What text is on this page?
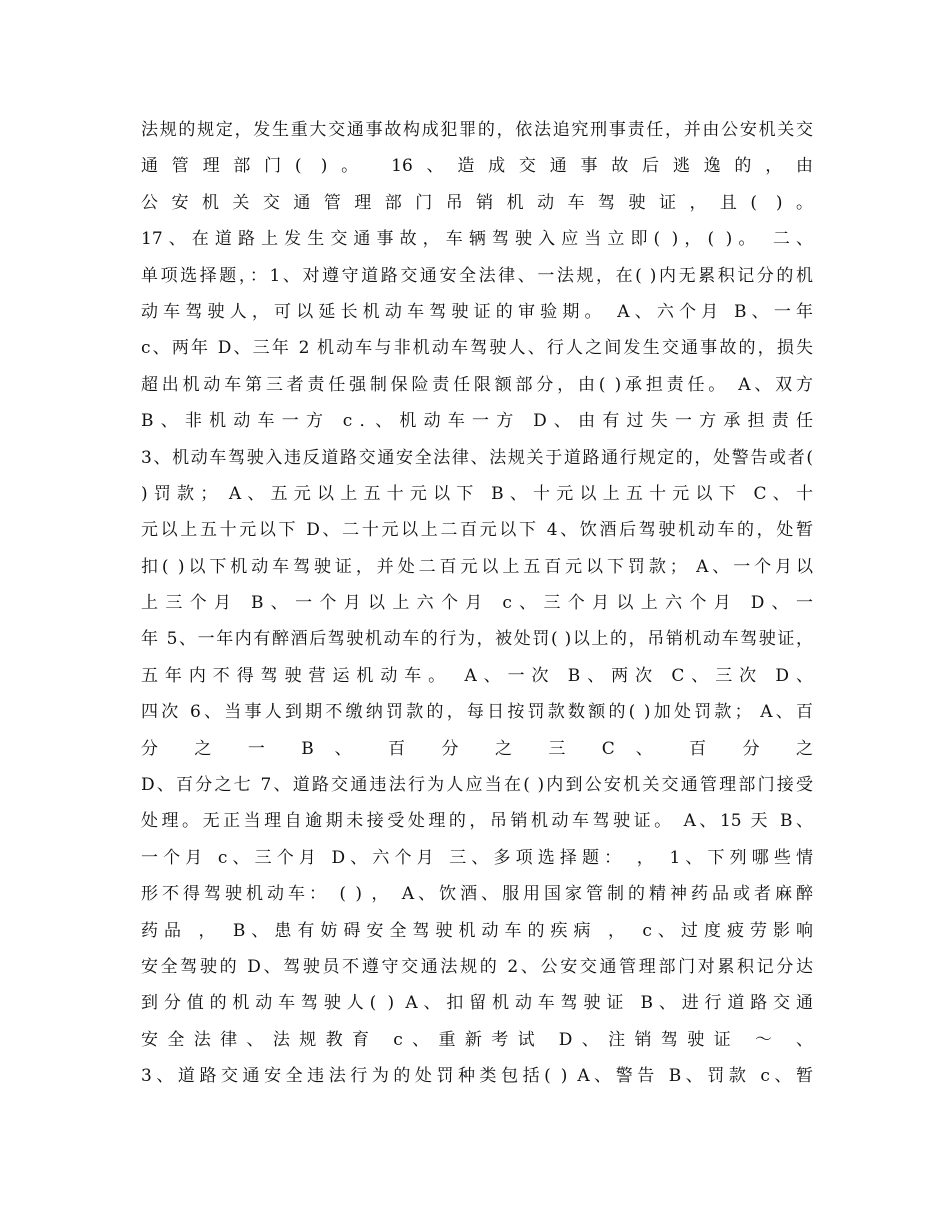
法规的规定，发生重大交通事故构成犯罪的，依法追究刑事责任，并由公安机关交
通管理部门( )。 16、造成交通事故后逃逸的，由
公安机关交通管理部门吊销机动车驾驶证，且( )。
17、在道路上发生交通事故，车辆驾驶入应当立即( )，( )。 二、
单项选择题，：1、对遵守道路交通安全法律、一法规，在( )内无累积记分的机
动车驾驶人，可以延长机动车驾驶证的审验期。 A、六个月 B、一年
c、两年 D、三年 2 机动车与非机动车驾驶人、行人之间发生交通事故的，损失
超出机动车第三者责任强制保险责任限额部分，由( )承担责任。 A、双方
B、非机动车一方 c．、机动车一方 D、由有过失一方承担责任
3、机动车驾驶入违反道路交通安全法律、法规关于道路通行规定的，处警告或者(
)罚款； A、五元以上五十元以下 B、十元以上五十元以下 C、十
元以上五十元以下 D、二十元以上二百元以下 4、饮酒后驾驶机动车的，处暂
扣( )以下机动车驾驶证，并处二百元以上五百元以下罚款； A、一个月以
上三个月 B、一个月以上六个月 c、三个月以上六个月 D、一
年 5、一年内有醉酒后驾驶机动车的行为，被处罚( )以上的，吊销机动车驾驶证，
五年内不得驾驶营运机动车。 A、一次 B、两次 C、三次 D、
四次 6、当事人到期不缴纳罚款的，每日按罚款数额的( )加处罚款； A、百
分 之 一 B 、 百 分 之 三 C 、 百 分 之
D、百分之七 7、道路交通违法行为人应当在( )内到公安机关交通管理部门接受
处理。无正当理自逾期未接受处理的，吊销机动车驾驶证。 A、15 天 B、
一个月 c、三个月 D、六个月 三、多项选择题： ， 1、下列哪些情
形不得驾驶机动车： ( ) ， A、饮酒、服用国家管制的精神药品或者麻醉
药品 ， B、患有妨碍安全驾驶机动车的疾病 ， c、过度疲劳影响
安全驾驶的 D、驾驶员不遵守交通法规的 2、公安交通管理部门对累积记分达
到分值的机动车驾驶人( ) A、扣留机动车驾驶证 B、进行道路交通
安全法律、法规教育 c、重新考试 D、注销驾驶证 ～ 、
3、道路交通安全违法行为的处罚种类包括( ) A、警告 B、罚款 c、暂
